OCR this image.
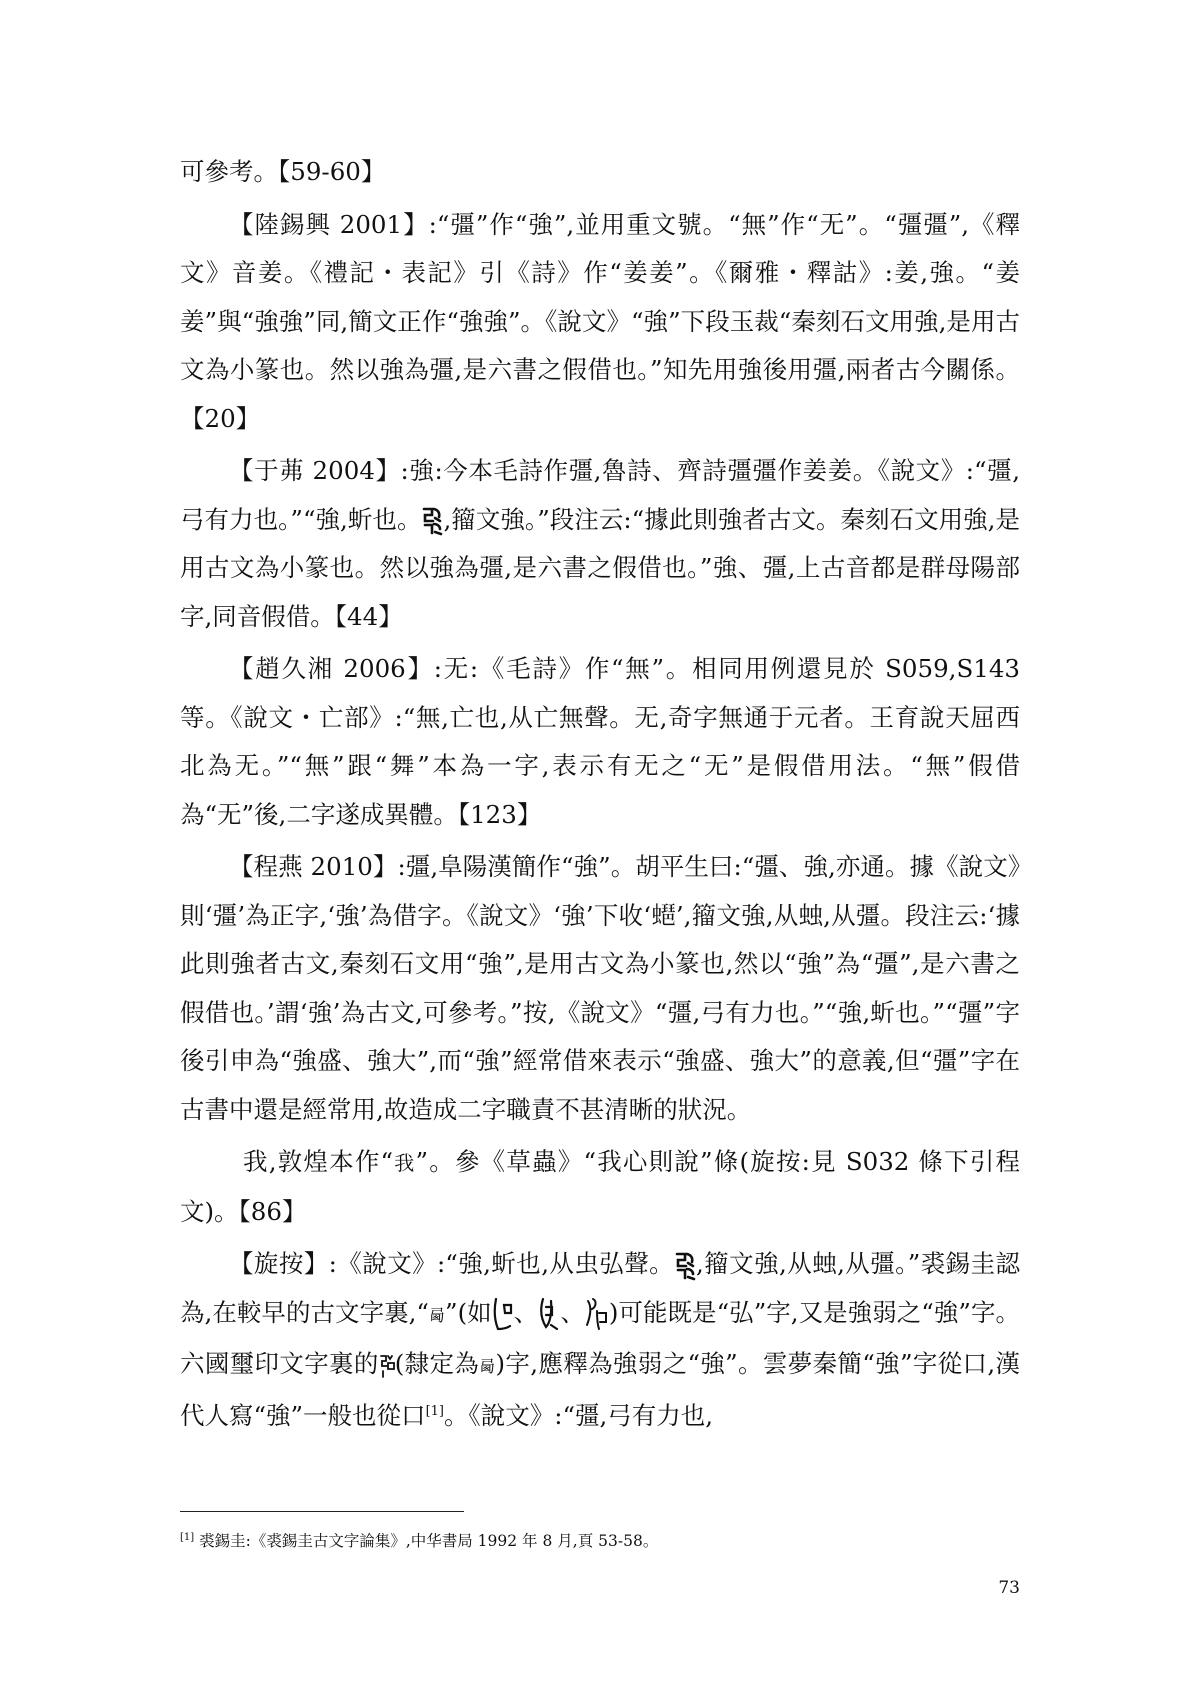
可參考。【59-60】

【陸錫興 2001】:“彊”作“強”,並用重文號。“無”作“无”。“彊彊”,《釋文》音姜。《禮記・表記》引《詩》作“姜姜”。《爾雅・釋詁》:姜,強。“姜姜”與“強強”同,簡文正作“強強”。《說文》“強”下段玉裁“秦刻石文用強,是用古文為小篆也。然以強為彊,是六書之假借也。”知先用強後用彊,兩者古今關係。【20】

【于茀 2004】:強:今本毛詩作彊,魯詩、齊詩彊彊作姜姜。《說文》:“彊,弓有力也。”“強,蚚也。 ,籀文強。”段注云:“據此則強者古文。秦刻石文用強,是用古文為小篆也。然以強為彊,是六書之假借也。”強、彊,上古音都是群母陽部字,同音假借。【44】

【趙久湘 2006】:无:《毛詩》作“無”。相同用例還見於 S059,S143 等。《說文・亡部》:“無,亡也,从亡無聲。无,奇字無通于元者。王育說天屈西北為无。”“無”跟“舞”本為一字,表示有无之“无”是假借用法。“無”假借為“无”後,二字遂成異體。【123】

【程燕 2010】:彊,阜陽漢簡作“強”。胡平生曰:“彊、強,亦通。據《說文》則‘彊’為正字,‘強’為借字。《說文》‘強’下收‘𧑡’,籀文強,从䖵,从彊。段注云:‘據此則強者古文,秦刻石文用“強”,是用古文為小篆也,然以“強”為“彊”,是六書之假借也。’謂‘強’為古文,可參考。”按,《說文》“彊,弓有力也。”“強,蚚也。”“彊”字後引申為“強盛、強大”,而“強”經常借來表示“強盛、強大”的意義,但“彊”字在古書中還是經常用,故造成二字職責不甚清晰的狀況。

我,敦煌本作“我”。參《草蟲》“我心則說”條(旋按:見 S032 條下引程文)。【86】

【旋按】:《說文》:“強,蚚也,从虫弘聲。 ,籀文強,从䖵,从彊。”裘錫圭認為,在較早的古文字裏,“㢴”(如 、 、 )可能既是“弘”字,又是強弱之“強”字。六國璽印文字裏的 (隸定為㢴)字,應釋為強弱之“強”。雲夢秦簡“強”字從口,漢代人寫“強”一般也從口[1]。《說文》:“彊,弓有力也,

[1] 裘錫圭:《裘錫圭古文字論集》,中华書局 1992 年 8 月,頁 53-58。
73
